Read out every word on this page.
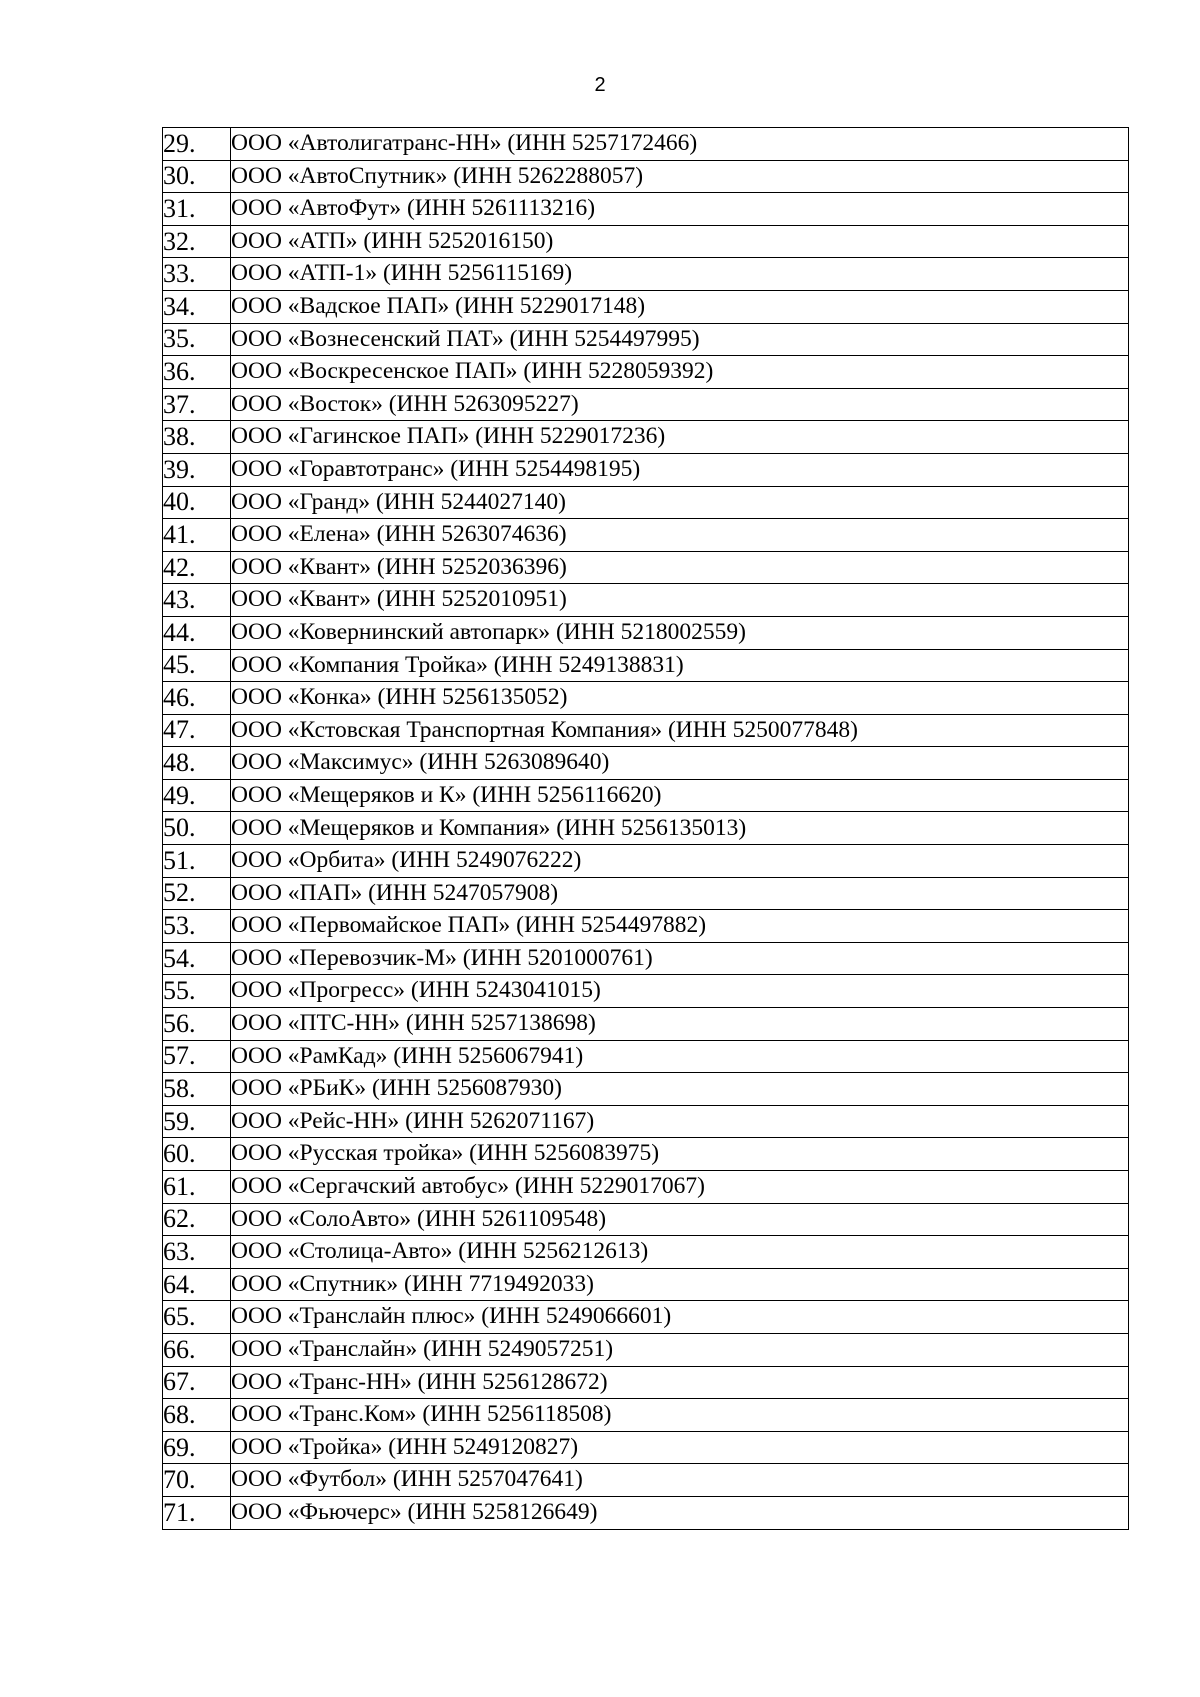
2
29.	ООО «Автолигатранс-НН» (ИНН 5257172466)
30.	ООО «АвтоСпутник» (ИНН 5262288057)
31.	ООО «АвтоФут» (ИНН 5261113216)
32.	ООО «АТП» (ИНН 5252016150)
33.	ООО «АТП-1» (ИНН 5256115169)
34.	ООО «Вадское ПАП» (ИНН 5229017148)
35.	ООО «Вознесенский ПАТ» (ИНН 5254497995)
36.	ООО «Воскресенское ПАП» (ИНН 5228059392)
37.	ООО «Восток» (ИНН 5263095227)
38.	ООО «Гагинское ПАП» (ИНН 5229017236)
39.	ООО «Горавтотранс» (ИНН 5254498195)
40.	ООО «Гранд» (ИНН 5244027140)
41.	ООО «Елена» (ИНН 5263074636)
42.	ООО «Квант» (ИНН 5252036396)
43.	ООО «Квант» (ИНН 5252010951)
44.	ООО «Ковернинский автопарк» (ИНН 5218002559)
45.	ООО «Компания Тройка» (ИНН 5249138831)
46.	ООО «Конка» (ИНН 5256135052)
47.	ООО «Кстовская Транспортная Компания» (ИНН 5250077848)
48.	ООО «Максимус» (ИНН 5263089640)
49.	ООО «Мещеряков и К» (ИНН 5256116620)
50.	ООО «Мещеряков и Компания» (ИНН 5256135013)
51.	ООО «Орбита» (ИНН 5249076222)
52.	ООО «ПАП» (ИНН 5247057908)
53.	ООО «Первомайское ПАП» (ИНН 5254497882)
54.	ООО «Перевозчик-М» (ИНН 5201000761)
55.	ООО «Прогресс» (ИНН 5243041015)
56.	ООО «ПТС-НН» (ИНН 5257138698)
57.	ООО «РамКад» (ИНН 5256067941)
58.	ООО «РБиК» (ИНН 5256087930)
59.	ООО «Рейс-НН» (ИНН 5262071167)
60.	ООО «Русская тройка» (ИНН 5256083975)
61.	ООО «Сергачский автобус» (ИНН 5229017067)
62.	ООО «СолоАвто» (ИНН 5261109548)
63.	ООО «Столица-Авто» (ИНН 5256212613)
64.	ООО «Спутник» (ИНН 7719492033)
65.	ООО «Транслайн плюс» (ИНН 5249066601)
66.	ООО «Транслайн» (ИНН 5249057251)
67.	ООО «Транс-НН» (ИНН 5256128672)
68.	ООО «Транс.Ком» (ИНН 5256118508)
69.	ООО «Тройка» (ИНН 5249120827)
70.	ООО «Футбол» (ИНН 5257047641)
71.	ООО «Фьючерс» (ИНН 5258126649)
